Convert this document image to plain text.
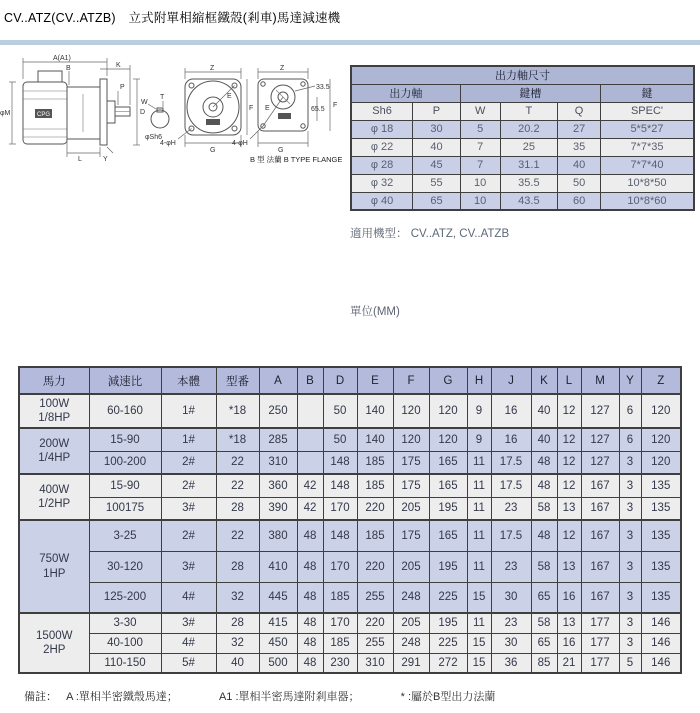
CV..ATZ(CV..ATZB)　立式附單相縮框鐵殼(剎車)馬達減速機
CPG
A(A1)
B	K
P
D
φM
L	Y
W
T
φSh6
Z
E
F
G
4-φH
Z
33.5
65.5
F
E
G
4-φH
B 型 法蘭 B TYPE FLANGE
出力軸尺寸					
出力軸		鍵槽			鍵
Sh6	P	W	T	Q	SPEC'
φ 18	30	5	20.2	27	5*5*27
φ 22	40	7	25	35	7*7*35
φ 28	45	7	31.1	40	7*7*40
φ 32	55	10	35.5	50	10*8*50
φ 40	65	10	43.5	60	10*8*60
適用機型： CV..ATZ, CV..ATZB
單位(MM)
馬力	減速比	本體	型番	A	B	D	E	F	G	H	J	K	L	M	Y	Z

100W
1/8HP	60-160	1#	*18	250		50	140	120	120	9	16	40	12	127	6	120

200W
1/4HP	15-90	1#	*18	285		50	140	120	120	9	16	40	12	127	6	120
	100-200	2#	22	310		148	185	175	165	11	17.5	48	12	127	3	120

400W
1/2HP	15-90	2#	22	360	42	148	185	175	165	11	17.5	48	12	167	3	135
	100175	3#	28	390	42	170	220	205	195	11	23	58	13	167	3	135

750W
1HP	3-25	2#	22	380	48	148	185	175	165	11	17.5	48	12	167	3	135
	30-120	3#	28	410	48	170	220	205	195	11	23	58	13	167	3	135
	125-200	4#	32	445	48	185	255	248	225	15	30	65	16	167	3	135

1500W
2HP	3-30	3#	28	415	48	170	220	205	195	11	23	58	13	177	3	146
	40-100	4#	32	450	48	185	255	248	225	15	30	65	16	177	3	146
	110-150	5#	40	500	48	230	310	291	272	15	36	85	21	177	5	146
備註： A :單相半密鐵殼馬達；	A1 :單相半密馬達附剎車器；	* :屬於B型出力法蘭
